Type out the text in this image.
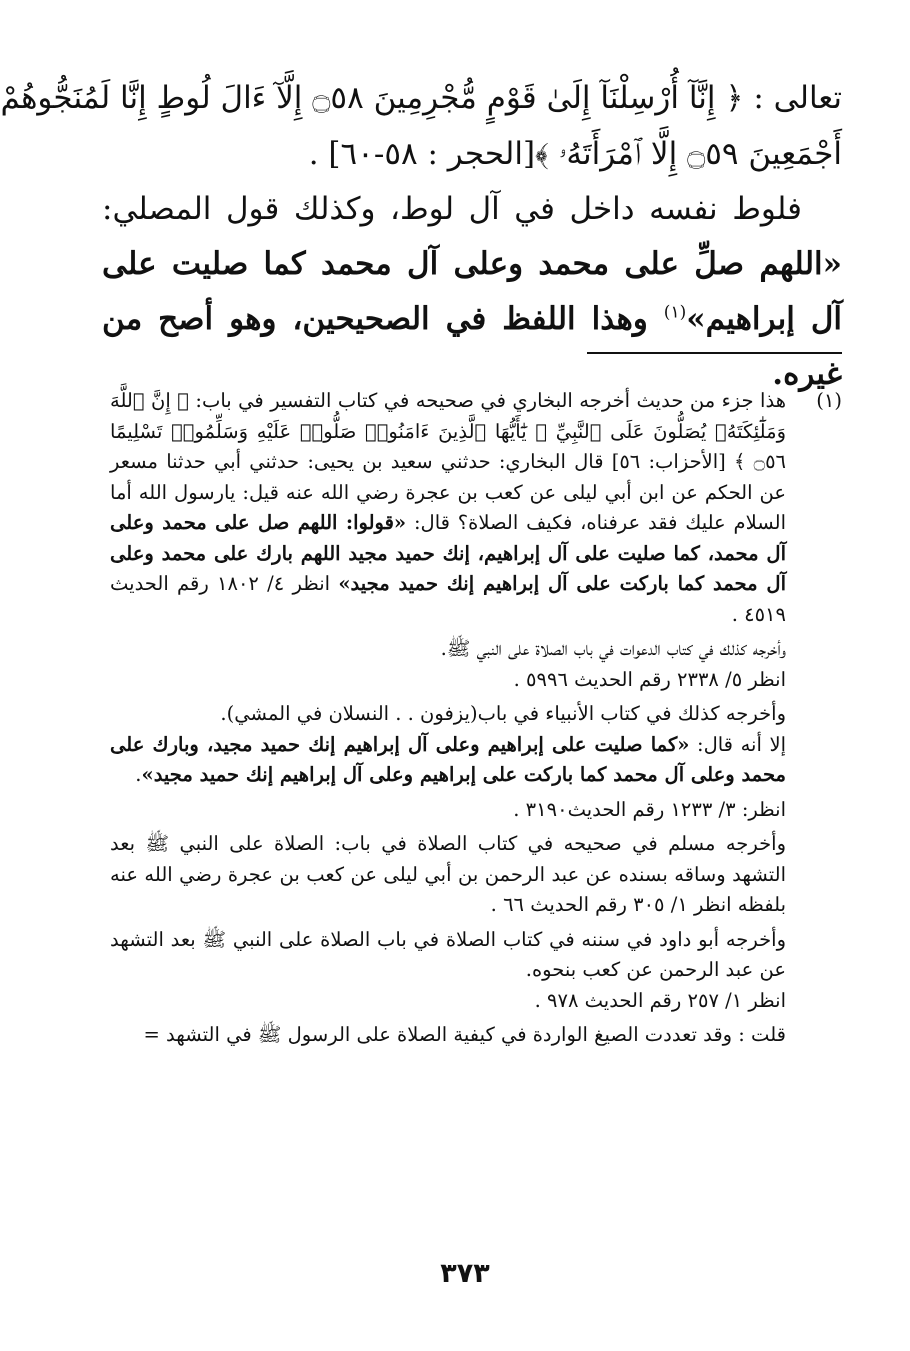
تعالى : ﴿ إِنَّآ أُرْسِلْنَآ إِلَىٰ قَوْمٍ مُّجْرِمِينَ ۝٥٨ إِلَّآ ءَالَ لُوطٍ إِنَّا لَمُنَجُّوهُمْ

أَجْمَعِينَ ۝٥٩ إِلَّا ٱمْرَأَتَهُۥ ﴾[الحجر : ٥٨-٦٠] .

فلوط نفسه داخل في آل لوط، وكذلك قول المصلي: «اللهم صلِّ على محمد وعلى آل محمد كما صليت على آل إبراهيم»$^{(١)}$ وهذا اللفظ في الصحيحين، وهو أصح من غيره.

(١)

هذا جزء من حديث أخرجه البخاري في صحيحه في كتاب التفسير في باب: ﴿ إِنَّ ٱللَّهَ وَمَلَٰٓئِكَتَهُۥ يُصَلُّونَ عَلَى ٱلنَّبِيِّ ۚ يَٰٓأَيُّهَا ٱلَّذِينَ ءَامَنُوا۟ صَلُّوا۟ عَلَيْهِ وَسَلِّمُوا۟ تَسْلِيمًا ۝٥٦ ﴾ [الأحزاب: ٥٦] قال البخاري: حدثني سعيد بن يحيى: حدثني أبي حدثنا مسعر عن الحكم عن ابن أبي ليلى عن كعب بن عجرة رضي الله عنه قيل: يارسول الله أما السلام عليك فقد عرفناه، فكيف الصلاة؟ قال: «قولوا: اللهم صل على محمد وعلى آل محمد، كما صليت على آل إبراهيم، إنك حميد مجيد اللهم بارك على محمد وعلى آل محمد كما باركت على آل إبراهيم إنك حميد مجيد» انظر ٤/ ١٨٠٢ رقم الحديث ٤٥١٩ .

وأخرجه كذلك في كتاب الدعوات في باب الصلاة على النبي ﷺ.

انظر ٥/ ٢٣٣٨ رقم الحديث ٥٩٩٦ .

وأخرجه كذلك في كتاب الأنبياء في باب(يزفون . . النسلان في المشي).

إلا أنه قال: «كما صليت على إبراهيم وعلى آل إبراهيم إنك حميد مجيد، وبارك على محمد وعلى آل محمد كما باركت على إبراهيم وعلى آل إبراهيم إنك حميد مجيد».

انظر: ٣/ ١٢٣٣ رقم الحديث٣١٩٠ .

وأخرجه مسلم في صحيحه في كتاب الصلاة في باب: الصلاة على النبي ﷺ بعد التشهد وساقه بسنده عن عبد الرحمن بن أبي ليلى عن كعب بن عجرة رضي الله عنه بلفظه انظر ١/ ٣٠٥ رقم الحديث ٦٦ .

وأخرجه أبو داود في سننه في كتاب الصلاة في باب الصلاة على النبي ﷺ بعد التشهد عن عبد الرحمن عن كعب بنحوه.

انظر ١/ ٢٥٧ رقم الحديث ٩٧٨ .

قلت : وقد تعددت الصيغ الواردة في كيفية الصلاة على الرسول ﷺ في التشهد =

٣٧٣
